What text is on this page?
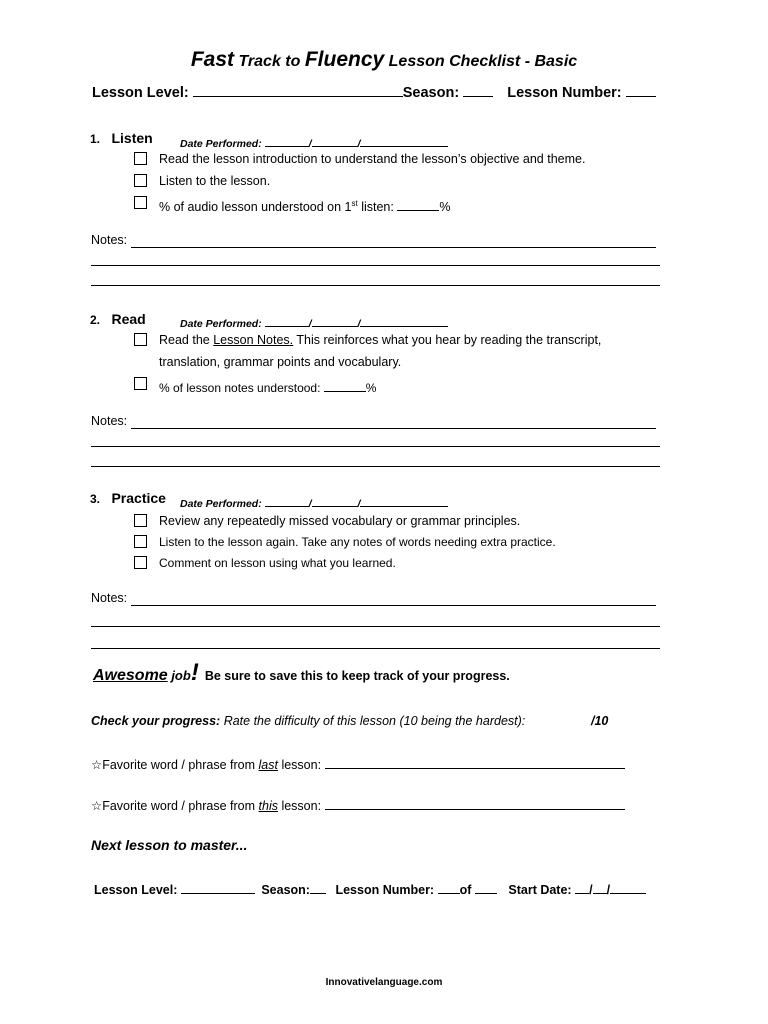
Fast Track to Fluency Lesson Checklist - Basic
Lesson Level:	Season:	Lesson Number:
1. Listen	Date Performed:	/	/
Read the lesson introduction to understand the lesson’s objective and theme.
Listen to the lesson.
% of audio lesson understood on 1st listen:	%
Notes:
2. Read	Date Performed:	/	/
Read the Lesson Notes. This reinforces what you hear by reading the transcript,
translation, grammar points and vocabulary.
% of lesson notes understood:	%
Notes:
3. Practice Date Performed:	/	/
Review any repeatedly missed vocabulary or grammar principles.
Listen to the lesson again. Take any notes of words needing extra practice.
Comment on lesson using what you learned.
Notes:
Awesome job! Be sure to save this to keep track of your progress.
Check your progress: Rate the difficulty of this lesson (10 being the hardest):	/10
☆Favorite word / phrase from last lesson:
☆Favorite word / phrase from this lesson:
Next lesson to master...
Lesson Level:	Season: Lesson Number: of	Start Date: / /
Innovativelanguage.com
